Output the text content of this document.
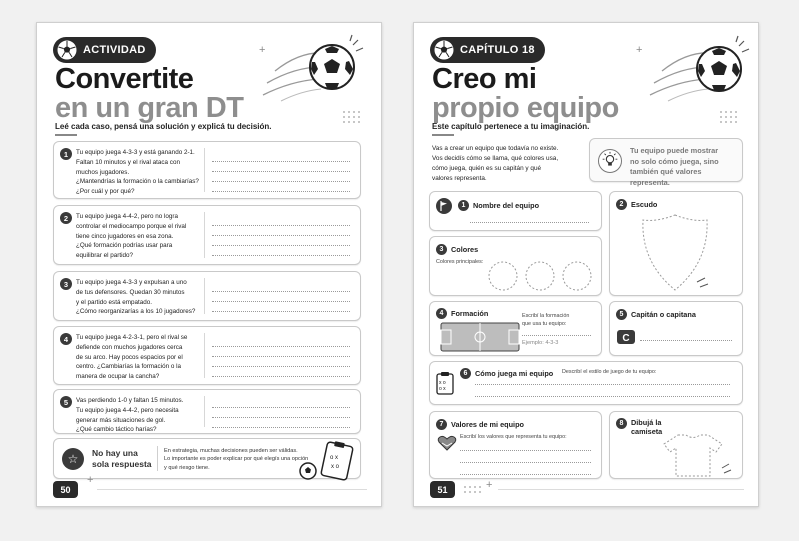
ACTIVIDAD	+
Convertite
en un gran DT
Leé cada caso, pensá una solución y explicá tu decisión.
1	Tu equipo juega 4-3-3 y está ganando 2-1.
Faltan 10 minutos y el rival ataca con
muchos jugadores.
¿Mantendrías la formación o la cambiarías?
¿Por cuál y por qué?
2	Tu equipo juega 4-4-2, pero no logra
controlar el mediocampo porque el rival
tiene cinco jugadores en esa zona.
¿Qué formación podrías usar para
equilibrar el partido?
3	Tu equipo juega 4-3-3 y expulsan a uno
de tus defensores. Quedan 30 minutos
y el partido está empatado.
¿Cómo reorganizarías a los 10 jugadores?
4	Tu equipo juega 4-2-3-1, pero el rival se
defiende con muchos jugadores cerca
de su arco. Hay pocos espacios por el
centro. ¿Cambiarías la formación o la
manera de ocupar la cancha?
5	Vas perdiendo 1-0 y faltan 15 minutos.
Tu equipo juega 4-4-2, pero necesita
generar más situaciones de gol.
¿Qué cambio táctico harías?
☆	No hay una
sola respuesta
En estrategia, muchas decisiones pueden ser válidas.
Lo importante es poder explicar por qué elegís una opción
y qué riesgo tiene.
o x
x o
50
+
CAPÍTULO 18	+
Creo mi
propio equipo
Este capítulo pertenece a tu imaginación.
Vas a crear un equipo que todavía no existe.
Vos decidís cómo se llama, qué colores usa,
cómo juega, quién es su capitán y qué
valores representa.
Tu equipo puede mostrar
no solo cómo juega, sino
también qué valores representa.
1	Nombre del equipo	2	Escudo
3	Colores
Colores principales:
4	Formación	Escribí la formación
que usa tu equipo:
Ejemplo: 4-3-3
5	Capitán o capitana
C
x o
o x
6	Cómo juega mi equipo Describí el estilo de juego de tu equipo:
7	Valores de mi equipo
Escribí los valores que representa tu equipo:
8	Dibujá la
camiseta
51	+
